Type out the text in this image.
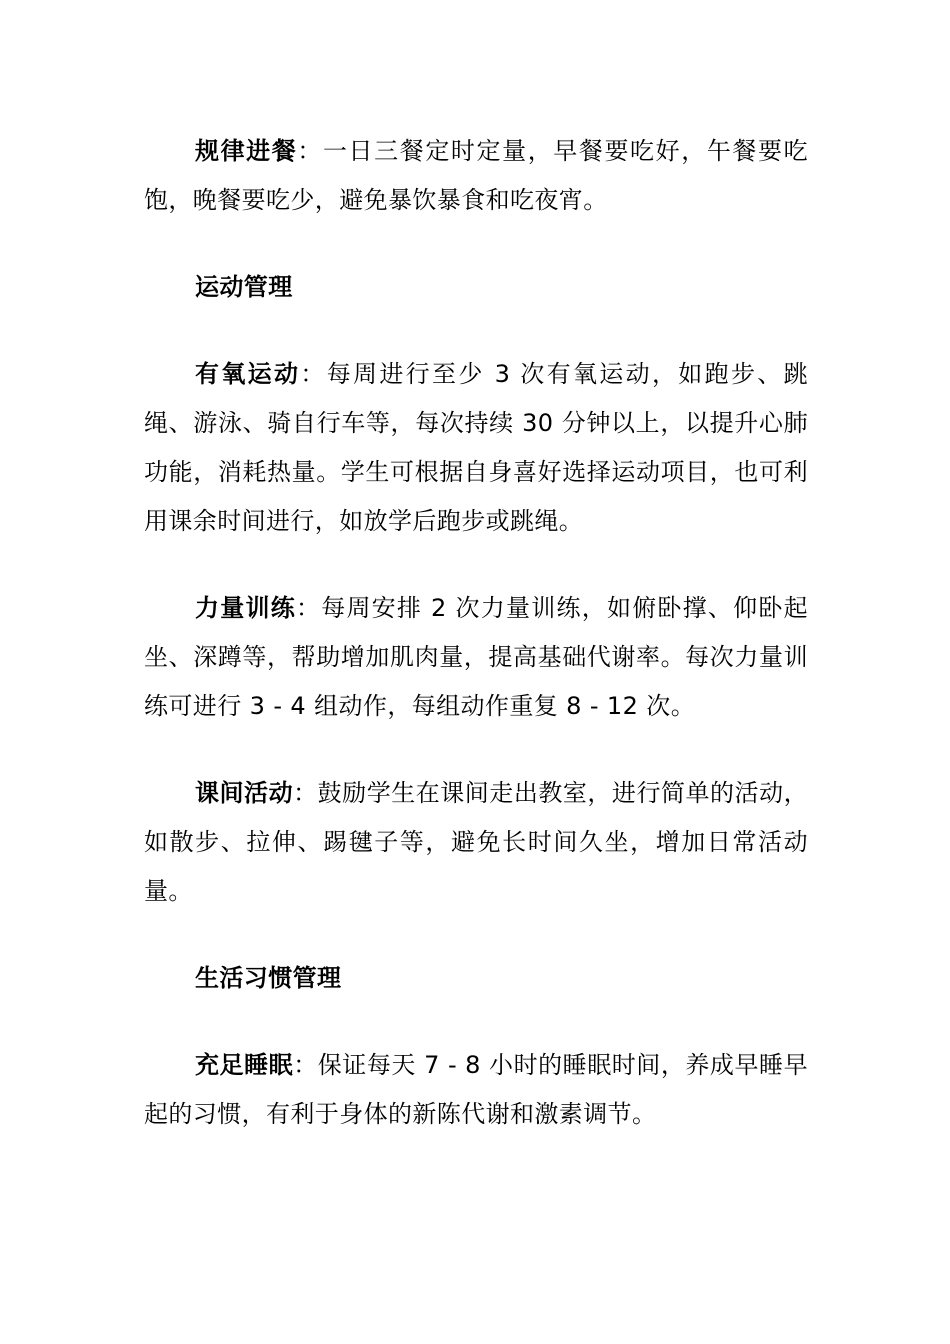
规律进餐：一日三餐定时定量，早餐要吃好，午餐要吃饱，晚餐要吃少，避免暴饮暴食和吃夜宵。

运动管理

有氧运动：每周进行至少 3 次有氧运动，如跑步、跳绳、游泳、骑自行车等，每次持续 30 分钟以上，以提升心肺功能，消耗热量。学生可根据自身喜好选择运动项目，也可利用课余时间进行，如放学后跑步或跳绳。

力量训练：每周安排 2 次力量训练，如俯卧撑、仰卧起坐、深蹲等，帮助增加肌肉量，提高基础代谢率。每次力量训练可进行 3 - 4 组动作，每组动作重复 8 - 12 次。

课间活动：鼓励学生在课间走出教室，进行简单的活动，如散步、拉伸、踢毽子等，避免长时间久坐，增加日常活动量。

生活习惯管理

充足睡眠：保证每天 7 - 8 小时的睡眠时间，养成早睡早起的习惯，有利于身体的新陈代谢和激素调节。
